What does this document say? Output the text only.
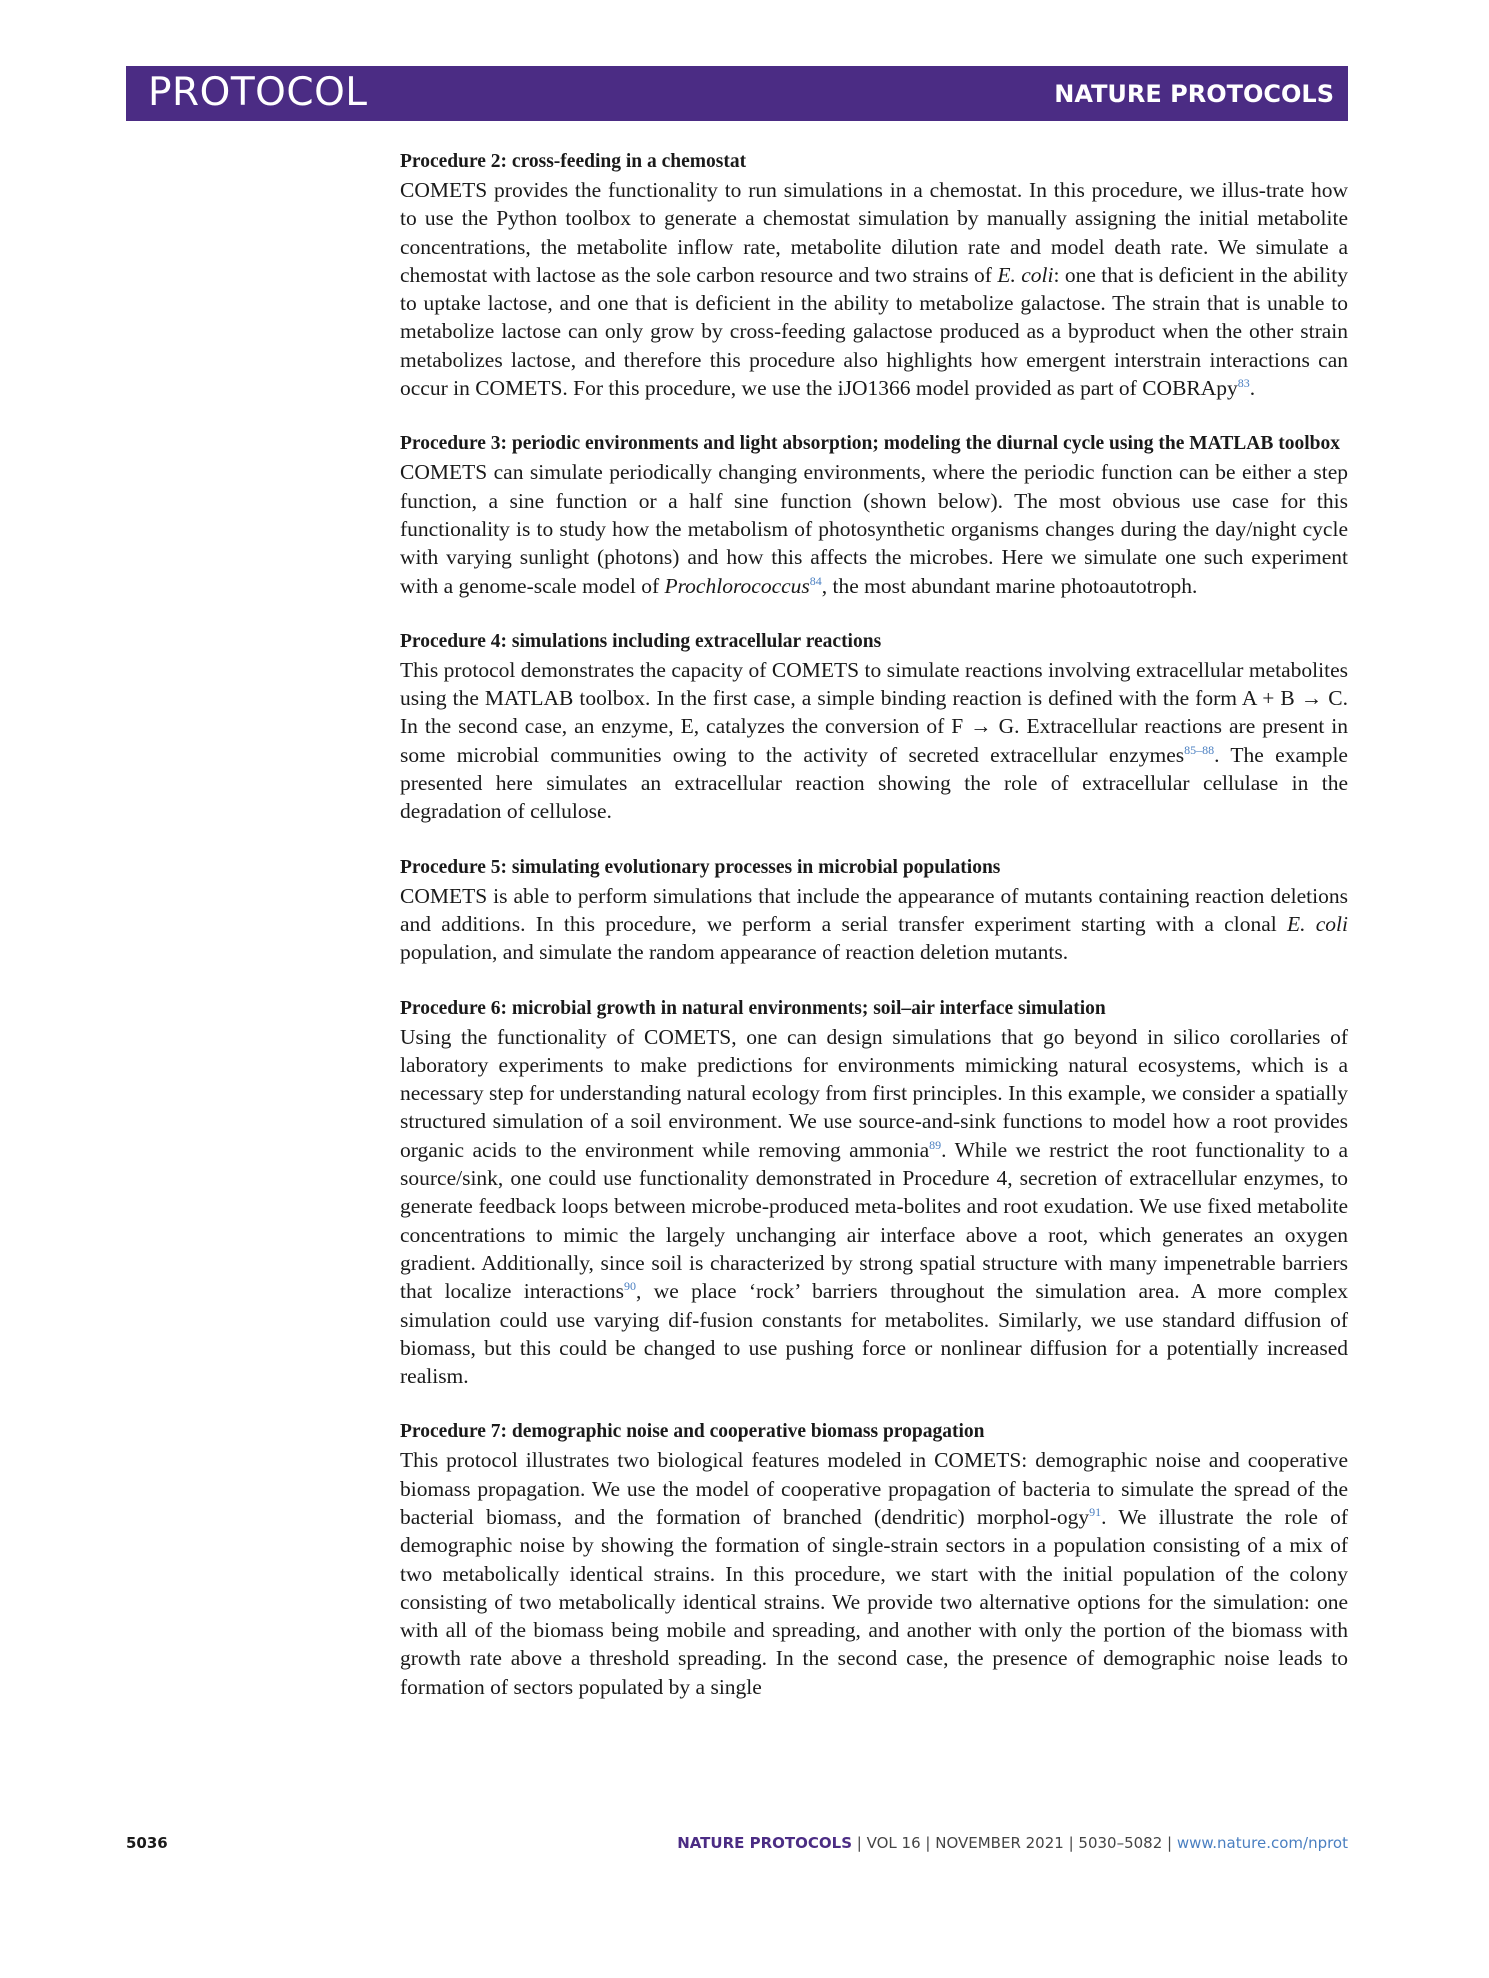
PROTOCOL	NATURE PROTOCOLS
Procedure 2: cross-feeding in a chemostat

COMETS provides the functionality to run simulations in a chemostat. In this procedure, we illus-trate how to use the Python toolbox to generate a chemostat simulation by manually assigning the initial metabolite concentrations, the metabolite inflow rate, metabolite dilution rate and model death rate. We simulate a chemostat with lactose as the sole carbon resource and two strains of E. coli: one that is deficient in the ability to uptake lactose, and one that is deficient in the ability to metabolize galactose. The strain that is unable to metabolize lactose can only grow by cross-feeding galactose produced as a byproduct when the other strain metabolizes lactose, and therefore this procedure also highlights how emergent interstrain interactions can occur in COMETS. For this procedure, we use the iJO1366 model provided as part of COBRApy$^{83}$.

Procedure 3: periodic environments and light absorption; modeling the diurnal cycle using the MATLAB toolbox

COMETS can simulate periodically changing environments, where the periodic function can be either a step function, a sine function or a half sine function (shown below). The most obvious use case for this functionality is to study how the metabolism of photosynthetic organisms changes during the day/night cycle with varying sunlight (photons) and how this affects the microbes. Here we simulate one such experiment with a genome-scale model of Prochlorococcus$^{84}$, the most abundant marine photoautotroph.

Procedure 4: simulations including extracellular reactions

This protocol demonstrates the capacity of COMETS to simulate reactions involving extracellular metabolites using the MATLAB toolbox. In the first case, a simple binding reaction is defined with the form A + B → C. In the second case, an enzyme, E, catalyzes the conversion of F → G. Extracellular reactions are present in some microbial communities owing to the activity of secreted extracellular enzymes$^{85-88}$. The example presented here simulates an extracellular reaction showing the role of extracellular cellulase in the degradation of cellulose.

Procedure 5: simulating evolutionary processes in microbial populations

COMETS is able to perform simulations that include the appearance of mutants containing reaction deletions and additions. In this procedure, we perform a serial transfer experiment starting with a clonal E. coli population, and simulate the random appearance of reaction deletion mutants.

Procedure 6: microbial growth in natural environments; soil–air interface simulation

Using the functionality of COMETS, one can design simulations that go beyond in silico corollaries of laboratory experiments to make predictions for environments mimicking natural ecosystems, which is a necessary step for understanding natural ecology from first principles. In this example, we consider a spatially structured simulation of a soil environment. We use source-and-sink functions to model how a root provides organic acids to the environment while removing ammonia$^{89}$. While we restrict the root functionality to a source/sink, one could use functionality demonstrated in Procedure 4, secretion of extracellular enzymes, to generate feedback loops between microbe-produced meta-bolites and root exudation. We use fixed metabolite concentrations to mimic the largely unchanging air interface above a root, which generates an oxygen gradient. Additionally, since soil is characterized by strong spatial structure with many impenetrable barriers that localize interactions$^{90}$, we place ‘rock’ barriers throughout the simulation area. A more complex simulation could use varying dif-fusion constants for metabolites. Similarly, we use standard diffusion of biomass, but this could be changed to use pushing force or nonlinear diffusion for a potentially increased realism.

Procedure 7: demographic noise and cooperative biomass propagation

This protocol illustrates two biological features modeled in COMETS: demographic noise and cooperative biomass propagation. We use the model of cooperative propagation of bacteria to simulate the spread of the bacterial biomass, and the formation of branched (dendritic) morphol-ogy$^{91}$. We illustrate the role of demographic noise by showing the formation of single-strain sectors in a population consisting of a mix of two metabolically identical strains. In this procedure, we start with the initial population of the colony consisting of two metabolically identical strains. We provide two alternative options for the simulation: one with all of the biomass being mobile and spreading, and another with only the portion of the biomass with growth rate above a threshold spreading. In the second case, the presence of demographic noise leads to formation of sectors populated by a single

5036	NATURE PROTOCOLS | VOL 16 | NOVEMBER 2021 | 5030–5082 | www.nature.com/nprot
